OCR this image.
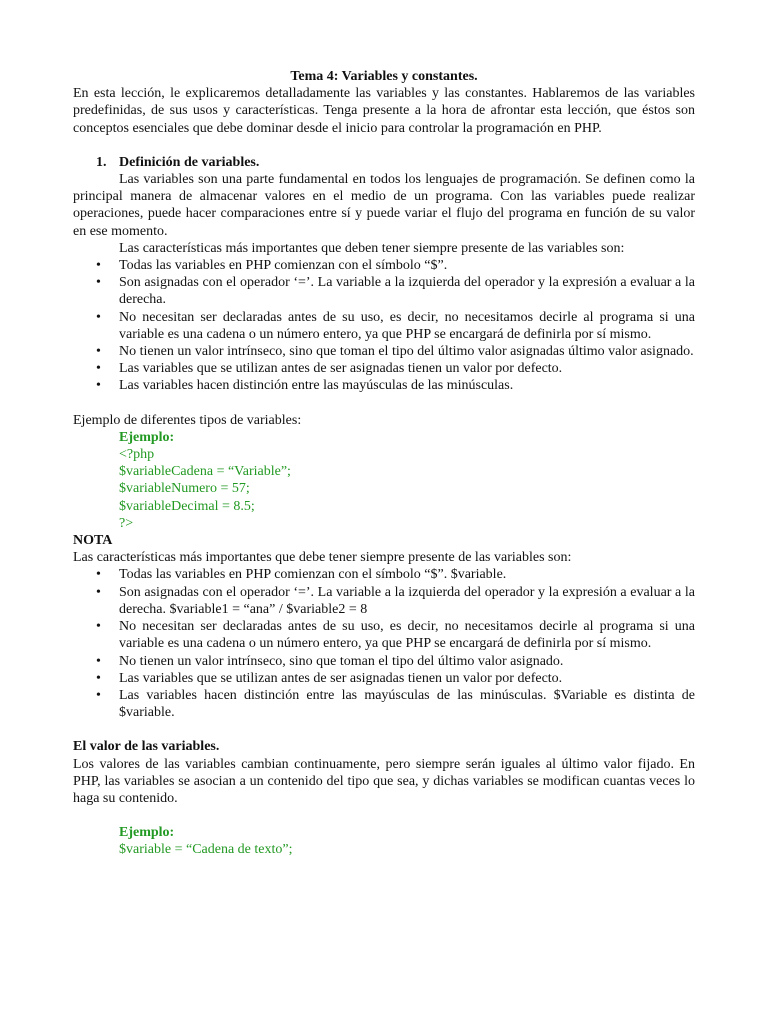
Tema 4: Variables y constantes.

En esta lección, le explicaremos detalladamente las variables y las constantes. Hablaremos de las variables predefinidas, de sus usos y características. Tenga presente a la hora de afrontar esta lección, que éstos son conceptos esenciales que debe dominar desde el inicio para controlar la programación en PHP.

1. Definición de variables.

Las variables son una parte fundamental en todos los lenguajes de programación. Se definen como la principal manera de almacenar valores en el medio de un programa. Con las variables puede realizar operaciones, puede hacer comparaciones entre sí y puede variar el flujo del programa en función de su valor en ese momento.

Las características más importantes que deben tener siempre presente de las variables son:

• Todas las variables en PHP comienzan con el símbolo “$”.
• Son asignadas con el operador ‘=’. La variable a la izquierda del operador y la expresión a evaluar a la derecha.
• No necesitan ser declaradas antes de su uso, es decir, no necesitamos decirle al programa si una variable es una cadena o un número entero, ya que PHP se encargará de definirla por sí mismo.
• No tienen un valor intrínseco, sino que toman el tipo del último valor asignadas último valor asignado.
• Las variables que se utilizan antes de ser asignadas tienen un valor por defecto.
• Las variables hacen distinción entre las mayúsculas de las minúsculas.

Ejemplo de diferentes tipos de variables:

Ejemplo:

<?php

$variableCadena = “Variable”;

$variableNumero = 57;

$variableDecimal = 8.5;

?>

NOTA

Las características más importantes que debe tener siempre presente de las variables son:

• Todas las variables en PHP comienzan con el símbolo “$”. $variable.
• Son asignadas con el operador ‘=’. La variable a la izquierda del operador y la expresión a evaluar a la derecha. $variable1 = “ana” / $variable2 = 8
• No necesitan ser declaradas antes de su uso, es decir, no necesitamos decirle al programa si una variable es una cadena o un número entero, ya que PHP se encargará de definirla por sí mismo.
• No tienen un valor intrínseco, sino que toman el tipo del último valor asignado.
• Las variables que se utilizan antes de ser asignadas tienen un valor por defecto.
• Las variables hacen distinción entre las mayúsculas de las minúsculas. $Variable es distinta de $variable.

El valor de las variables.

Los valores de las variables cambian continuamente, pero siempre serán iguales al último valor fijado. En PHP, las variables se asocian a un contenido del tipo que sea, y dichas variables se modifican cuantas veces lo haga su contenido.

Ejemplo:

$variable = “Cadena de texto”;
